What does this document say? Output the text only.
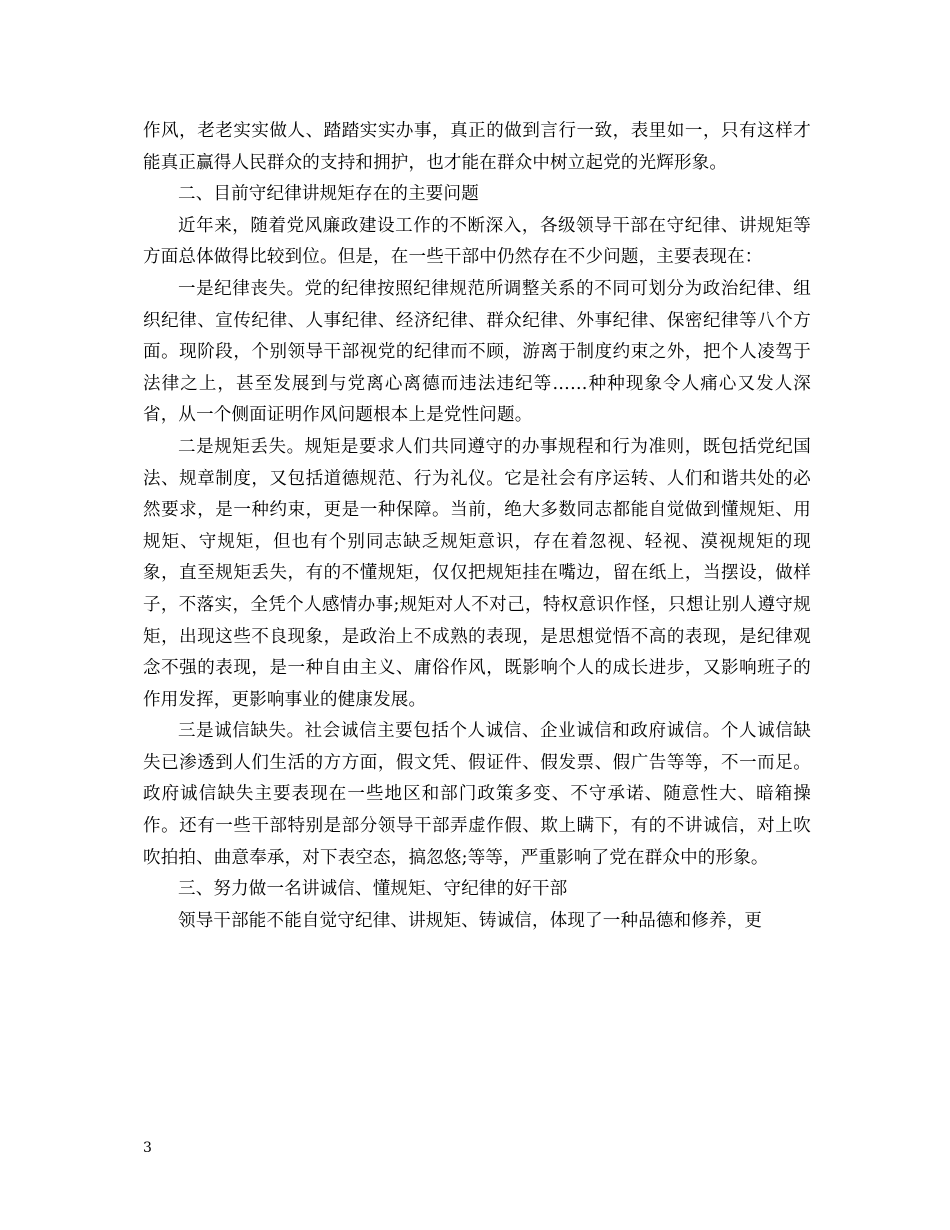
作风，老老实实做人、踏踏实实办事，真正的做到言行一致，表里如一，只有这样才能真正赢得人民群众的支持和拥护，也才能在群众中树立起党的光辉形象。

二、目前守纪律讲规矩存在的主要问题

近年来，随着党风廉政建设工作的不断深入，各级领导干部在守纪律、讲规矩等方面总体做得比较到位。但是，在一些干部中仍然存在不少问题，主要表现在：

一是纪律丧失。党的纪律按照纪律规范所调整关系的不同可划分为政治纪律、组织纪律、宣传纪律、人事纪律、经济纪律、群众纪律、外事纪律、保密纪律等八个方面。现阶段，个别领导干部视党的纪律而不顾，游离于制度约束之外，把个人凌驾于法律之上，甚至发展到与党离心离德而违法违纪等……种种现象令人痛心又发人深省，从一个侧面证明作风问题根本上是党性问题。

二是规矩丢失。规矩是要求人们共同遵守的办事规程和行为准则，既包括党纪国法、规章制度，又包括道德规范、行为礼仪。它是社会有序运转、人们和谐共处的必然要求，是一种约束，更是一种保障。当前，绝大多数同志都能自觉做到懂规矩、用规矩、守规矩，但也有个别同志缺乏规矩意识，存在着忽视、轻视、漠视规矩的现象，直至规矩丢失，有的不懂规矩，仅仅把规矩挂在嘴边，留在纸上，当摆设，做样子，不落实，全凭个人感情办事;规矩对人不对己，特权意识作怪，只想让别人遵守规矩，出现这些不良现象，是政治上不成熟的表现，是思想觉悟不高的表现，是纪律观念不强的表现，是一种自由主义、庸俗作风，既影响个人的成长进步，又影响班子的作用发挥，更影响事业的健康发展。

三是诚信缺失。社会诚信主要包括个人诚信、企业诚信和政府诚信。个人诚信缺失已渗透到人们生活的方方面，假文凭、假证件、假发票、假广告等等，不一而足。政府诚信缺失主要表现在一些地区和部门政策多变、不守承诺、随意性大、暗箱操作。还有一些干部特别是部分领导干部弄虚作假、欺上瞒下，有的不讲诚信，对上吹吹拍拍、曲意奉承，对下表空态，搞忽悠;等等，严重影响了党在群众中的形象。

三、努力做一名讲诚信、懂规矩、守纪律的好干部

领导干部能不能自觉守纪律、讲规矩、铸诚信，体现了一种品德和修养，更

3
